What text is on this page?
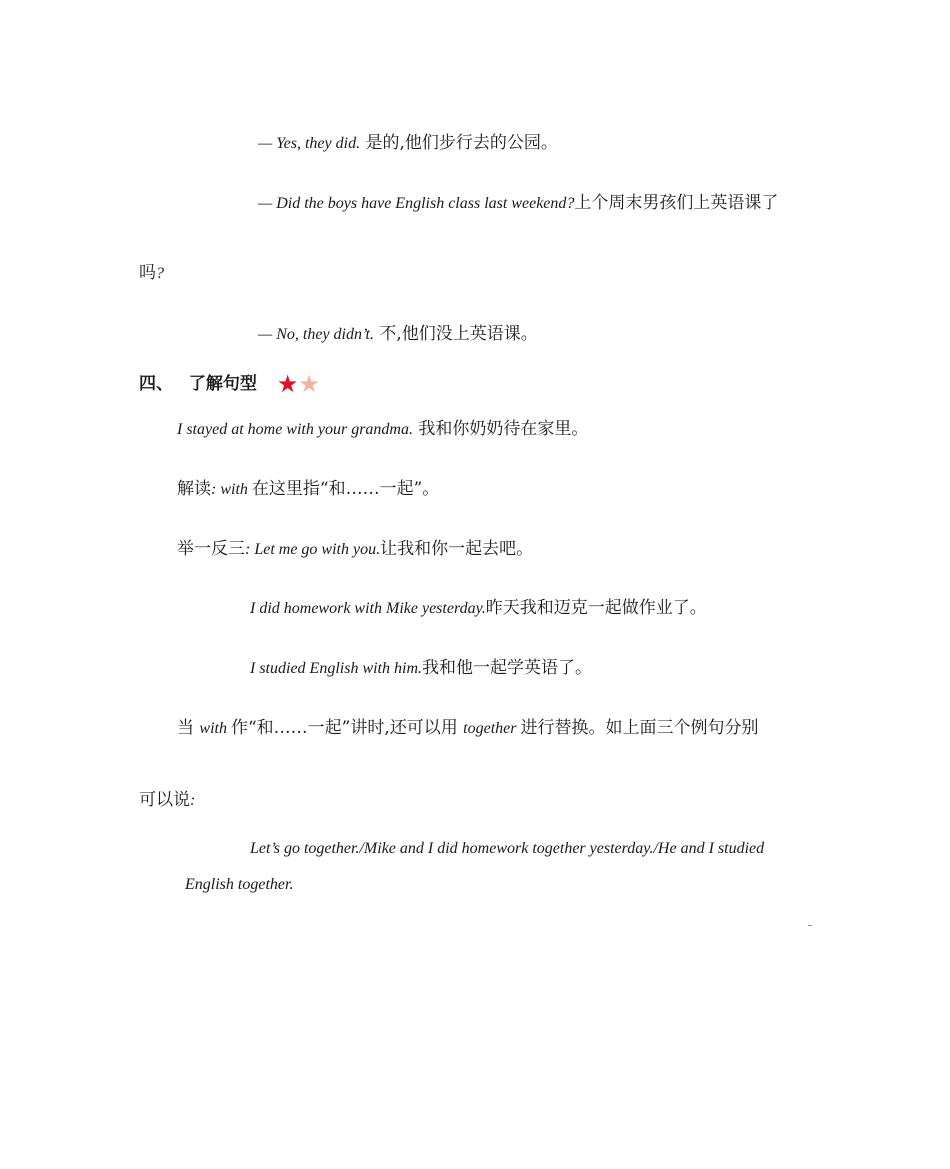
— Yes, they did. 是的,他们步行去的公园。
— Did the boys have English class last weekend?上个周末男孩们上英语课了
吗?
— No, they didn’t. 不,他们没上英语课。
四、 了解句型 ★★
I stayed at home with your grandma. 我和你奶奶待在家里。
解读: with 在这里指“和……一起”。
举一反三: Let me go with you.让我和你一起去吧。
I did homework with Mike yesterday.昨天我和迈克一起做作业了。
I studied English with him.我和他一起学英语了。
当 with 作“和……一起”讲时,还可以用 together 进行替换。如上面三个例句分别
可以说:
Let’s go together./Mike and I did homework together yesterday./He and I studied
English together.
